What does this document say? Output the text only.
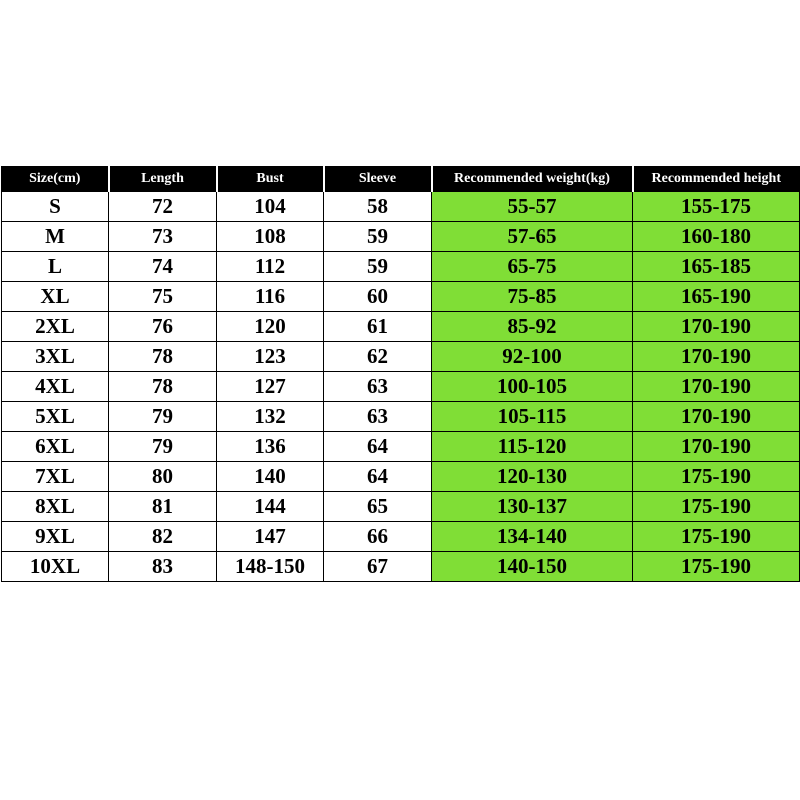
Size(cm)	Length	Bust	Sleeve	Recommended weight(kg)	Recommended height
S	72	104	58	55-57	155-175
M	73	108	59	57-65	160-180
L	74	112	59	65-75	165-185
XL	75	116	60	75-85	165-190
2XL	76	120	61	85-92	170-190
3XL	78	123	62	92-100	170-190
4XL	78	127	63	100-105	170-190
5XL	79	132	63	105-115	170-190
6XL	79	136	64	115-120	170-190
7XL	80	140	64	120-130	175-190
8XL	81	144	65	130-137	175-190
9XL	82	147	66	134-140	175-190
10XL	83	148-150	67	140-150	175-190
